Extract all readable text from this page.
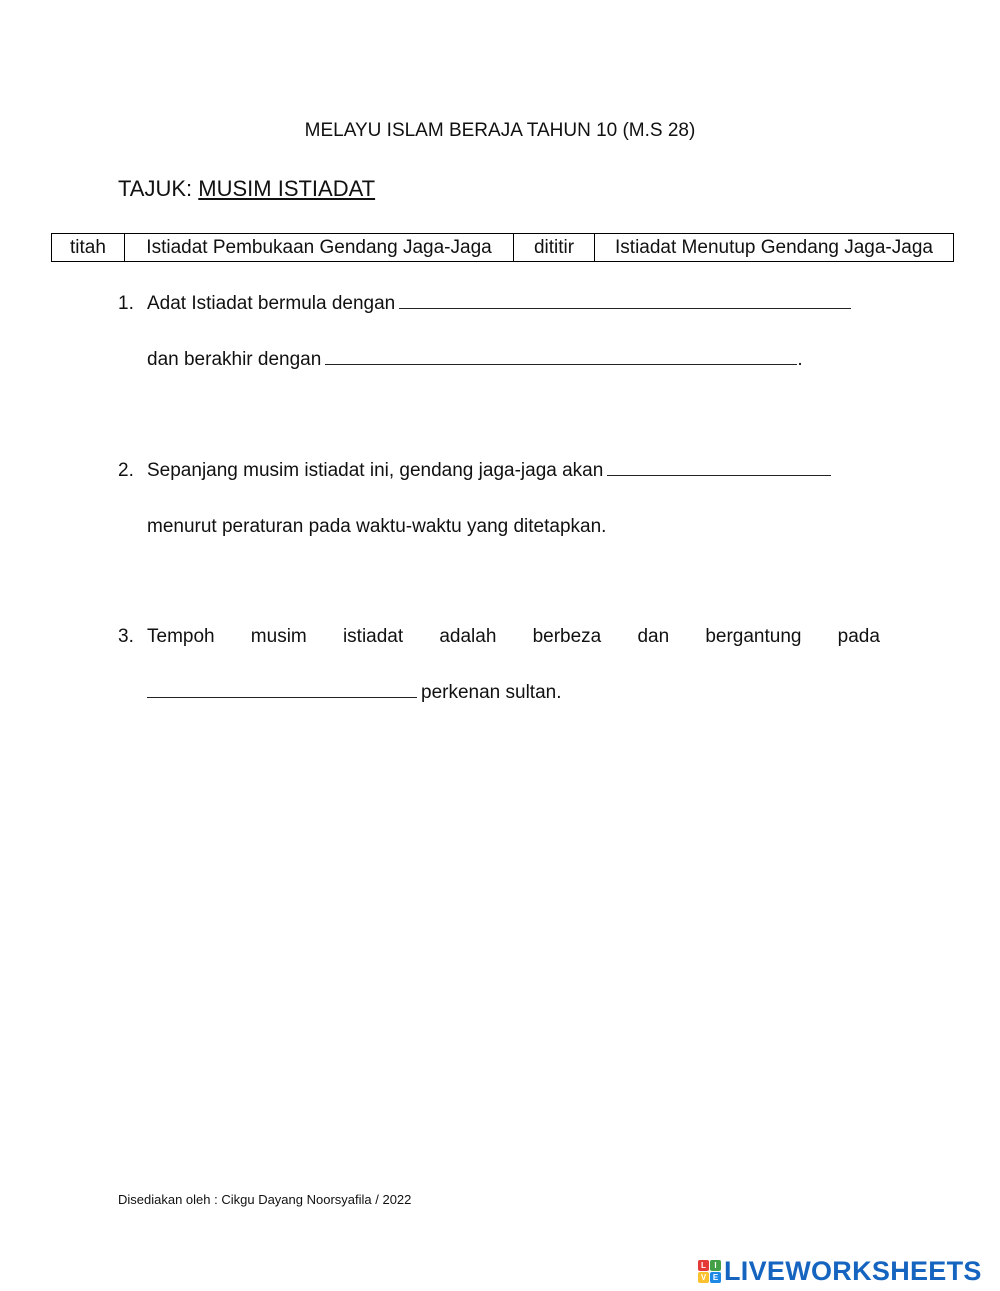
MELAYU ISLAM BERAJA TAHUN 10 (M.S 28)
TAJUK: MUSIM ISTIADAT
titah	Istiadat Pembukaan Gendang Jaga-Jaga	dititir	Istiadat Menutup Gendang Jaga-Jaga
1. Adat Istiadat bermula dengan
dan berakhir dengan	.
2. Sepanjang musim istiadat ini, gendang jaga-jaga akan
menurut peraturan pada waktu-waktu yang ditetapkan.
3. Tempoh musim istiadat adalah berbeza dan bergantung pada
perkenan sultan.
Disediakan oleh : Cikgu Dayang Noorsyafila / 2022
L	I
V E LIVEWORKSHEETS
